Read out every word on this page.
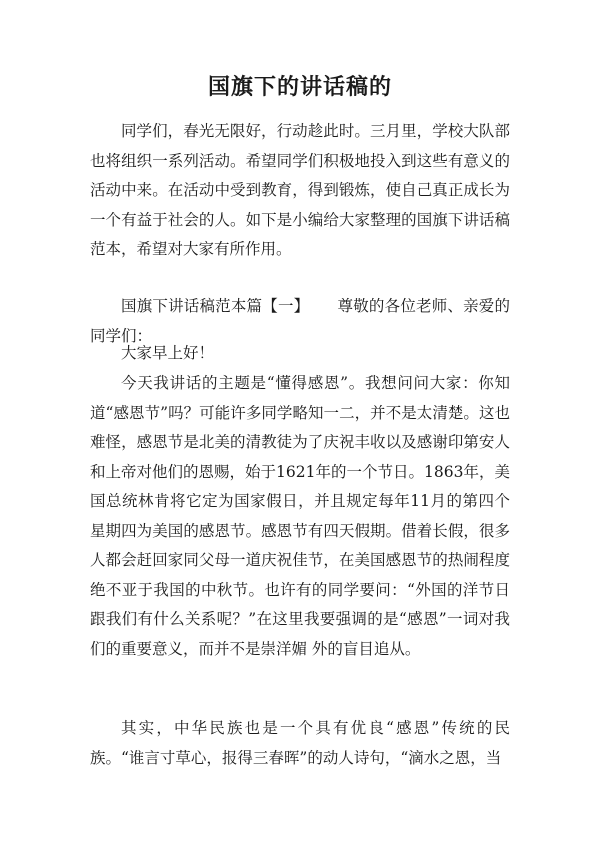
国旗下的讲话稿的

同学们，春光无限好，行动趁此时。三月里，学校大队部也将组织一系列活动。希望同学们积极地投入到这些有意义的活动中来。在活动中受到教育，得到锻炼，使自己真正成长为一个有益于社会的人。如下是小编给大家整理的国旗下讲话稿范本，希望对大家有所作用。

国旗下讲话稿范本篇【一】 尊敬的各位老师、亲爱的同学们：

大家早上好！

今天我讲话的主题是“懂得感恩”。我想问问大家：你知道“感恩节”吗？可能许多同学略知一二，并不是太清楚。这也难怪，感恩节是北美的清教徒为了庆祝丰收以及感谢印第安人和上帝对他们的恩赐，始于1621年的一个节日。1863年，美国总统林肯将它定为国家假日，并且规定每年11月的第四个星期四为美国的感恩节。感恩节有四天假期。借着长假，很多人都会赶回家同父母一道庆祝佳节，在美国感恩节的热闹程度绝不亚于我国的中秋节。也许有的同学要问：“外国的洋节日跟我们有什么关系呢？”在这里我要强调的是“感恩”一词对我们的重要意义，而并不是崇洋媚 外的盲目追从。

其实，中华民族也是一个具有优良“感恩”传统的民族。“谁言寸草心，报得三春晖”的动人诗句，“滴水之恩，当
